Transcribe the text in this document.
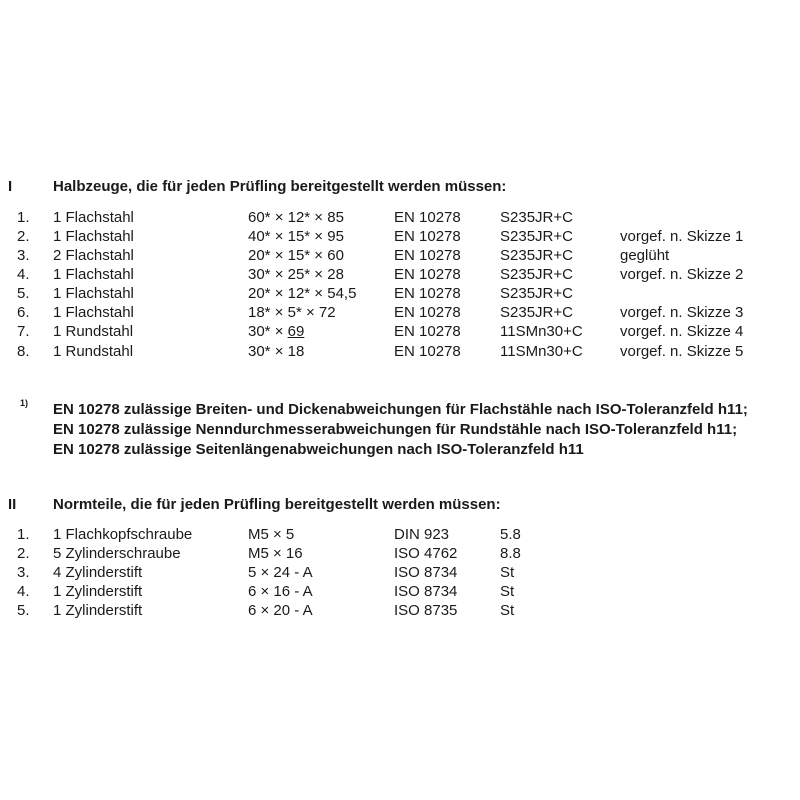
I	Halbzeuge, die für jeden Prüfling bereitgestellt werden müssen:
1. 1 Flachstahl	60* × 12* × 85	EN 10278	S235JR+C
2. 1 Flachstahl	40* × 15* × 95	EN 10278	S235JR+C	vorgef. n. Skizze 1
3. 2 Flachstahl	20* × 15* × 60	EN 10278	S235JR+C	geglüht
4. 1 Flachstahl	30* × 25* × 28	EN 10278	S235JR+C	vorgef. n. Skizze 2
5. 1 Flachstahl	20* × 12* × 54,5	EN 10278	S235JR+C
6. 1 Flachstahl	18* × 5* × 72	EN 10278	S235JR+C	vorgef. n. Skizze 3
7. 1 Rundstahl	30* × 69	EN 10278	11SMn30+C vorgef. n. Skizze 4
8. 1 Rundstahl	30* × 18	EN 10278	11SMn30+C vorgef. n. Skizze 5
1) EN 10278 zulässige Breiten- und Dickenabweichungen für Flachstähle nach ISO-Toleranzfeld h11;
EN 10278 zulässige Nenndurchmesserabweichungen für Rundstähle nach ISO-Toleranzfeld h11;
EN 10278 zulässige Seitenlängenabweichungen nach ISO-Toleranzfeld h11
II Normteile, die für jeden Prüfling bereitgestellt werden müssen:
1. 1 Flachkopfschraube	M5 × 5	DIN 923	5.8
2. 5 Zylinderschraube	M5 × 16	ISO 4762	8.8
3. 4 Zylinderstift	5 × 24 - A	ISO 8734	St
4. 1 Zylinderstift	6 × 16 - A	ISO 8734	St
5. 1 Zylinderstift	6 × 20 - A	ISO 8735	St
